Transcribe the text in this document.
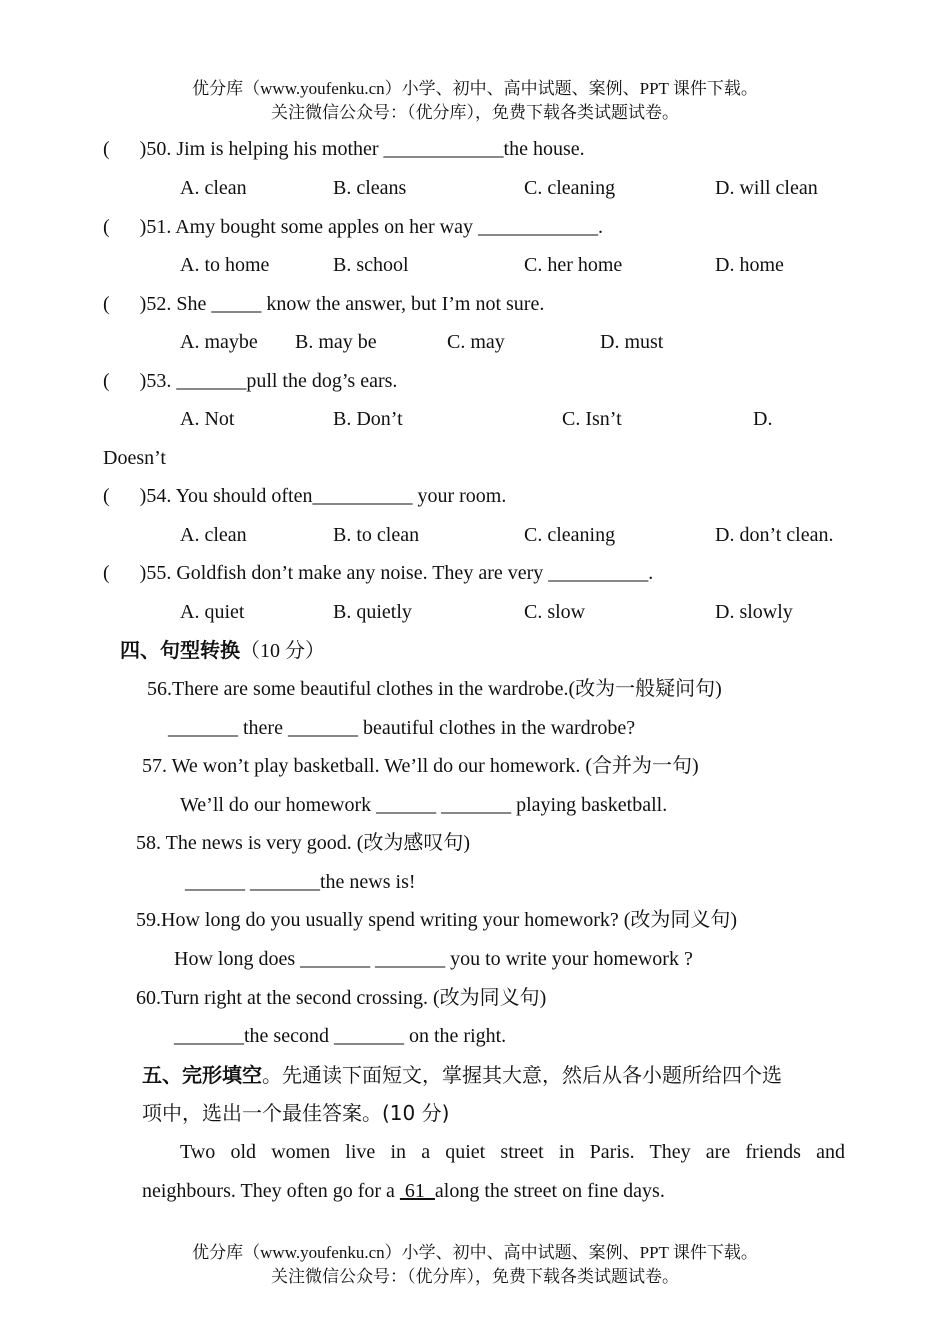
优分库（www.youfenku.cn）小学、初中、高中试题、案例、PPT 课件下载。
关注微信公众号：（优分库），免费下载各类试题试卷。
(      )50. Jim is helping his mother ____________the house.
A. clean	B. cleans	C. cleaning	D. will clean
(      )51. Amy bought some apples on her way ____________.
A. to home	B. school	C. her home	D. home
(      )52. She _____ know the answer, but I’m not sure.
A. maybe B. may be	C. may	D. must
(      )53. _______pull the dog’s ears.
A. Not	B. Don’t	C. Isn’t	D.
Doesn’t
(      )54. You should often__________ your room.
A. clean	B. to clean	C. cleaning	D. don’t clean.
(      )55. Goldfish don’t make any noise. They are very __________.
A. quiet	B. quietly	C. slow	D. slowly
四、句型转换（10 分）
56.There are some beautiful clothes in the wardrobe.(改为一般疑问句)
_______ there _______ beautiful clothes in the wardrobe?
57. We won’t play basketball. We’ll do our homework. (合并为一句)
We’ll do our homework ______ _______ playing basketball.
58. The news is very good. (改为感叹句)
______ _______the news is!
59.How long do you usually spend writing your homework? (改为同义句)
How long does _______ _______ you to write your homework ?
60.Turn right at the second crossing. (改为同义句)
_______the second _______ on the right.
五、完形填空。先通读下面短文，掌握其大意，然后从各小题所给四个选
项中，选出一个最佳答案。(10 分)
Two old women live in a quiet street in Paris. They are friends and
neighbours. They often go for a  61  along the street on fine days.
优分库（www.youfenku.cn）小学、初中、高中试题、案例、PPT 课件下载。
关注微信公众号：（优分库），免费下载各类试题试卷。
